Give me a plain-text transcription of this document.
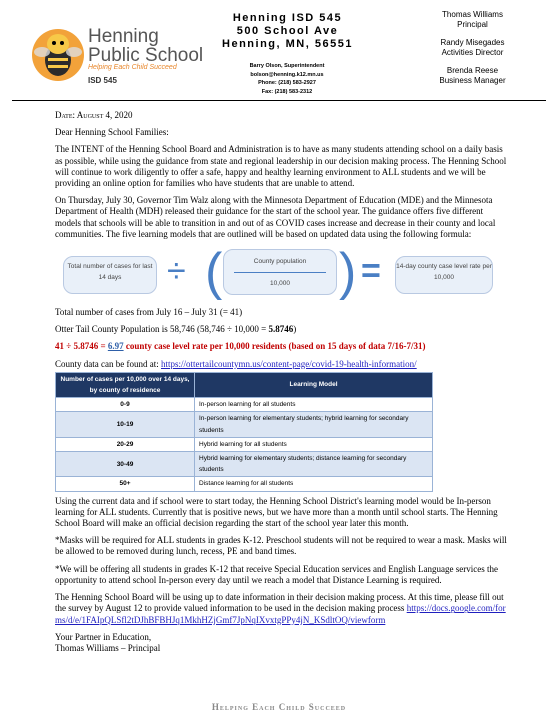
Henning
Public School
Helping Each Child Succeed
ISD 545
Henning ISD 545
500 School Ave
Henning, MN, 56551
Barry Olson, Superintendent
bolson@henning.k12.mn.us
Phone: (218) 583-2927
Fax: (218) 583-2312
Thomas Williams
Principal
Randy Misegades
Activities Director
Brenda Reese
Business Manager

Date: August 4, 2020

Dear Henning School Families:

The INTENT of the Henning School Board and Administration is to have as many students attending school on a daily basis as possible, while using the guidance from state and regional leadership in our decision making process. The Henning School will continue to work diligently to offer a safe, happy and healthy learning environment to ALL students and we will be providing an online option for families who have students that are unable to attend.

On Thursday, July 30, Governor Tim Walz along with the Minnesota Department of Education (MDE) and the Minnesota Department of Health (MDH) released their guidance for the start of the school year. The guidance offers five different models that schools will be able to transition in and out of as COVID cases increase and decrease in their county and local communities. The five learning models that are outlined will be based on updated data using the following formula:

Total number of cases for last 14 days	÷ (	County population
10,000 ) = 14-day county case level rate per 10,000

Total number of cases from July 16 – July 31 (= 41)

Otter Tail County Population is 58,746 (58,746 ÷ 10,000 = 5.8746)

41 ÷ 5.8746 = 6.97 county case level rate per 10,000 residents (based on 15 days of data 7/16-7/31)

County data can be found at: https://ottertailcountymn.us/content-page/covid-19-health-information/

Number of cases per 10,000 over 14 days, by county of residence	Learning Model
0-9	In-person learning for all students
10-19	In-person learning for elementary students; hybrid learning for secondary students
20-29	Hybrid learning for all students
30-49	Hybrid learning for elementary students; distance learning for secondary students
50+	Distance learning for all students

Using the current data and if school were to start today, the Henning School District's learning model would be In-person learning for ALL students. Currently that is positive news, but we have more than a month until school starts. The Henning School Board will make an official decision regarding the start of the school year later this month.

*Masks will be required for ALL students in grades K-12. Preschool students will not be required to wear a mask. Masks will be allowed to be removed during lunch, recess, PE and band times.

*We will be offering all students in grades K-12 that receive Special Education services and English Language services the opportunity to attend school In-person every day until we reach a model that Distance Learning is required.

The Henning School Board will be using up to date information in their decision making process. At this time, please fill out the survey by August 12 to provide valued information to be used in the decision making process https://docs.google.com/forms/d/e/1FAIpQLSfl2tDJhBFBHJq1MkhHZjGmf7JpNqIXvxtgPPy4jN_KSdltOQ/viewform

Your Partner in Education,

Thomas Williams – Principal

Helping Each Child Succeed
